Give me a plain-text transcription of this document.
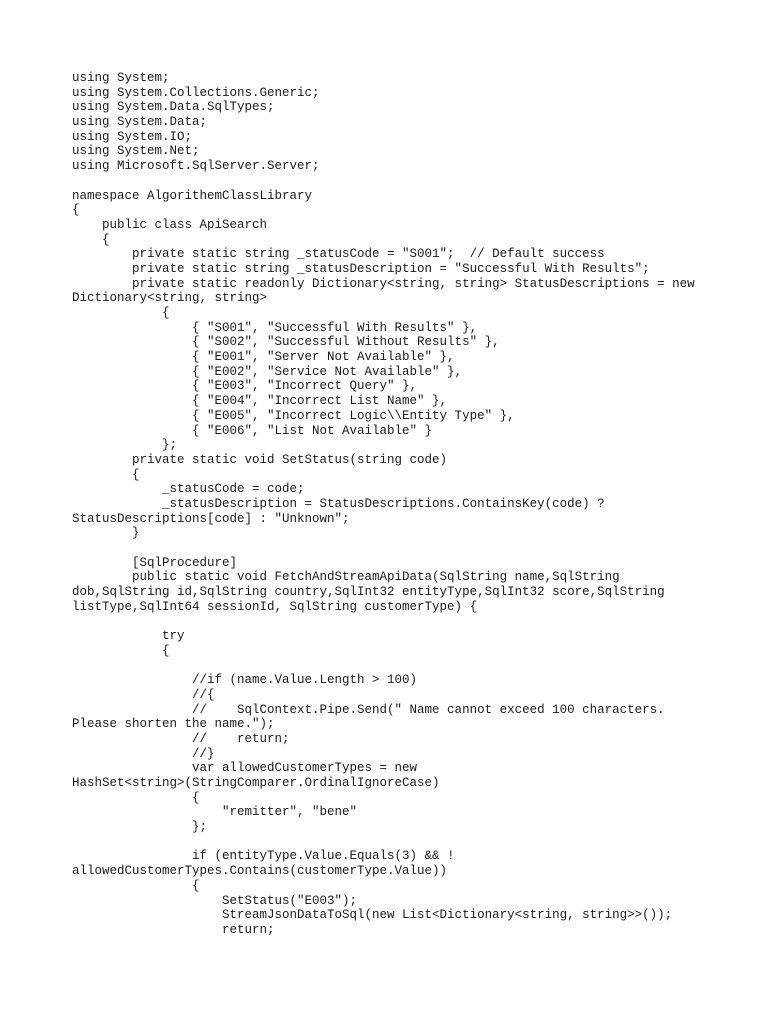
using System;
using System.Collections.Generic;
using System.Data.SqlTypes;
using System.Data;
using System.IO;
using System.Net;
using Microsoft.SqlServer.Server;
namespace AlgorithemClassLibrary
{
public class ApiSearch
{
private static string _statusCode = "S001";  // Default success
private static string _statusDescription = "Successful With Results";
private static readonly Dictionary<string, string> StatusDescriptions = new
Dictionary<string, string>
{
{ "S001", "Successful With Results" },
{ "S002", "Successful Without Results" },
{ "E001", "Server Not Available" },
{ "E002", "Service Not Available" },
{ "E003", "Incorrect Query" },
{ "E004", "Incorrect List Name" },
{ "E005", "Incorrect Logic\\Entity Type" },
{ "E006", "List Not Available" }
};
private static void SetStatus(string code)
{
_statusCode = code;
_statusDescription = StatusDescriptions.ContainsKey(code) ?
StatusDescriptions[code] : "Unknown";
}
[SqlProcedure]
public static void FetchAndStreamApiData(SqlString name,SqlString
dob,SqlString id,SqlString country,SqlInt32 entityType,SqlInt32 score,SqlString
listType,SqlInt64 sessionId, SqlString customerType) {
try
{
//if (name.Value.Length > 100)
//{
//    SqlContext.Pipe.Send(" Name cannot exceed 100 characters.
Please shorten the name.");
//    return;
//}
var allowedCustomerTypes = new
HashSet<string>(StringComparer.OrdinalIgnoreCase)
{
"remitter", "bene"
};
if (entityType.Value.Equals(3) && !
allowedCustomerTypes.Contains(customerType.Value))
{
SetStatus("E003");
StreamJsonDataToSql(new List<Dictionary<string, string>>());
return;
